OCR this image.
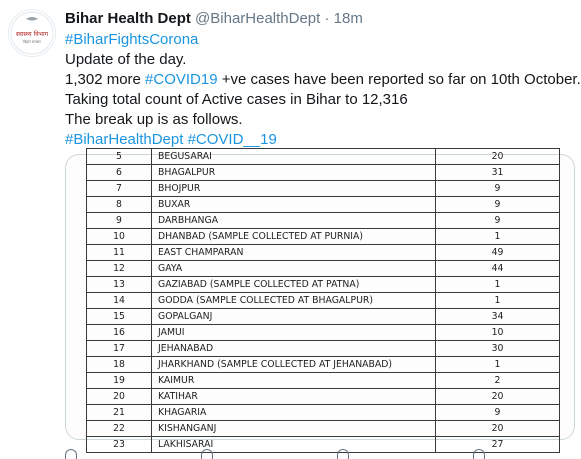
स्वास्थ्य विभाग
बिहार सरकार
Bihar Health Dept @BiharHealthDept · 18m
#BiharFightsCorona
Update of the day.
1,302 more #COVID19 +ve cases have been reported so far on 10th October.
Taking total count of Active cases in Bihar to 12,316
The break up is as follows.
#BiharHealthDept #COVID__19
5	BEGUSARAI	20
6	BHAGALPUR	31
7	BHOJPUR	9
8	BUXAR	9
9	DARBHANGA	9
10	DHANBAD (SAMPLE COLLECTED AT PURNIA)	1
11	EAST CHAMPARAN	49
12	GAYA	44
13	GAZIABAD (SAMPLE COLLECTED AT PATNA)	1
14	GODDA (SAMPLE COLLECTED AT BHAGALPUR)	1
15	GOPALGANJ	34
16	JAMUI	10
17	JEHANABAD	30
18	JHARKHAND (SAMPLE COLLECTED AT JEHANABAD)	1
19	KAIMUR	2
20	KATIHAR	20
21	KHAGARIA	9
22	KISHANGANJ	20
23	LAKHISARAI	27
